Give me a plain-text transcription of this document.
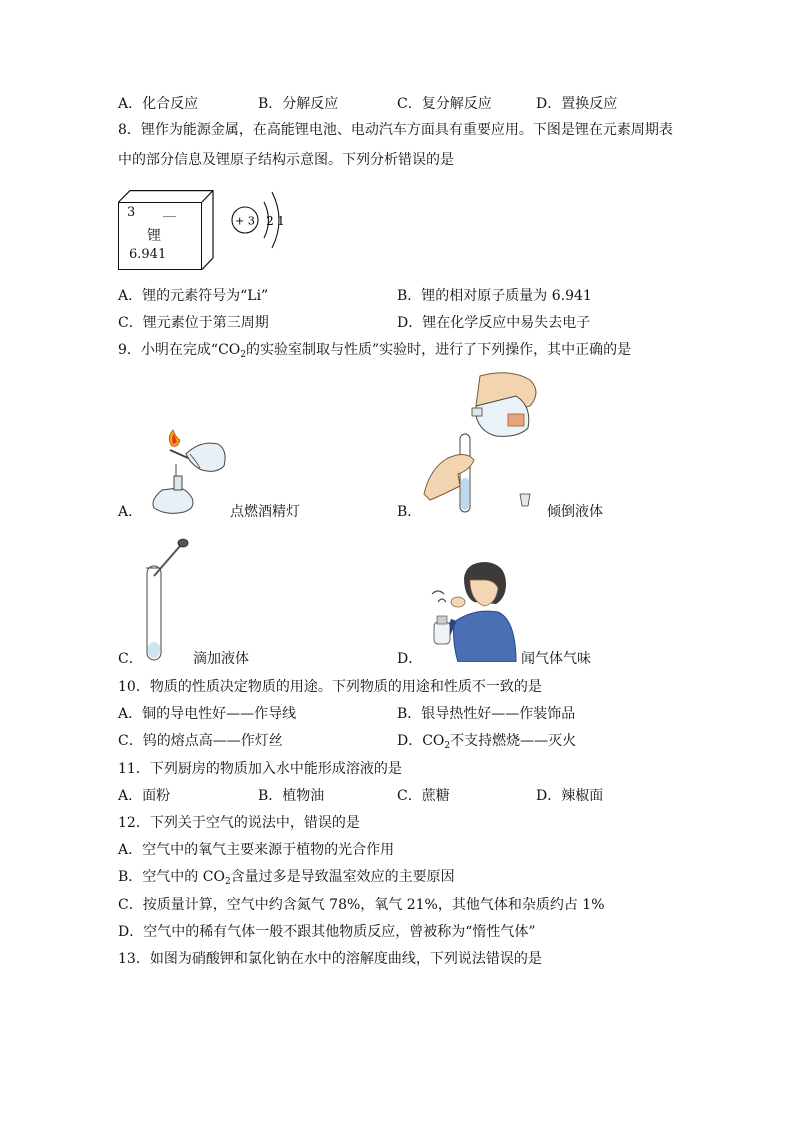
A．化合反应	B．分解反应	C．复分解反应	D．置换反应
8．锂作为能源金属，在高能锂电池、电动汽车方面具有重要应用。下图是锂在元素周期表
中的部分信息及锂原子结构示意图。下列分析错误的是
3 __
锂
6.941
+ 3 2 1
A．锂的元素符号为“Li”	B．锂的相对原子质量为 6.941
C．锂元素位于第三周期	D．锂在化学反应中易失去电子
9．小明在完成“$CO_2$的实验室制取与性质”实验时，进行了下列操作，其中正确的是
A．	点燃酒精灯	B．	倾倒液体
C．	滴加液体	D．	闻气体气味
10．物质的性质决定物质的用途。下列物质的用途和性质不一致的是
A．铜的导电性好——作导线	B．银导热性好——作装饰品
C．钨的熔点高——作灯丝	D．$CO_2$不支持燃烧——灭火
11．下列厨房的物质加入水中能形成溶液的是
A．面粉	B．植物油	C．蔗糖	D．辣椒面
12．下列关于空气的说法中，错误的是
A．空气中的氧气主要来源于植物的光合作用
B．空气中的 $CO_2$含量过多是导致温室效应的主要原因
C．按质量计算，空气中约含氮气 78%，氧气 21%，其他气体和杂质约占 1%
D．空气中的稀有气体一般不跟其他物质反应，曾被称为“惰性气体”
13．如图为硝酸钾和氯化钠在水中的溶解度曲线，下列说法错误的是
